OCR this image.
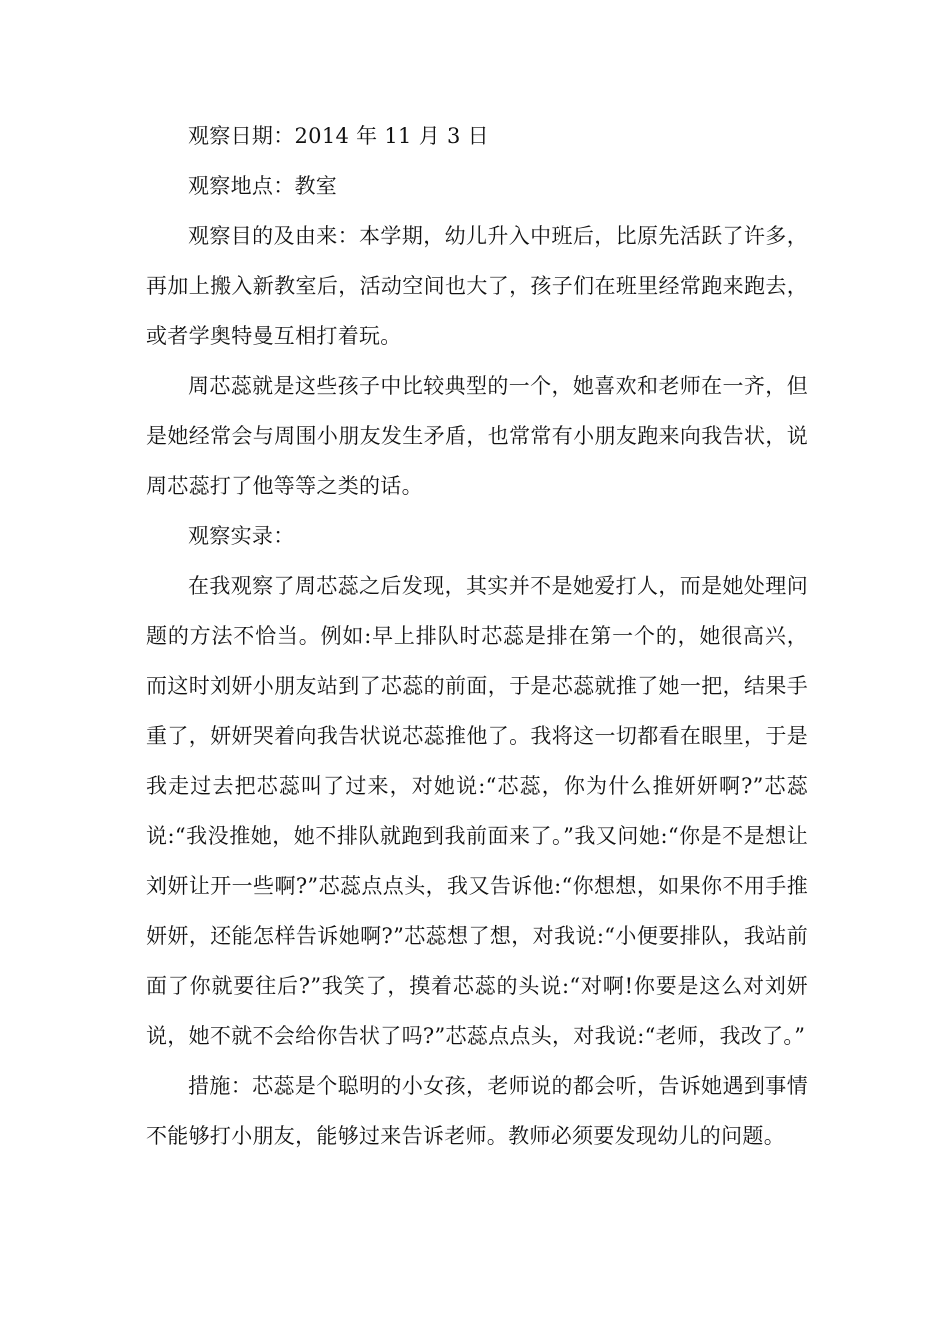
观察日期：2014 年 11 月 3 日

观察地点：教室

观察目的及由来：本学期，幼儿升入中班后，比原先活跃了许多，再加上搬入新教室后，活动空间也大了，孩子们在班里经常跑来跑去，或者学奥特曼互相打着玩。

周芯蕊就是这些孩子中比较典型的一个，她喜欢和老师在一齐，但是她经常会与周围小朋友发生矛盾，也常常有小朋友跑来向我告状，说周芯蕊打了他等等之类的话。

观察实录：

在我观察了周芯蕊之后发现，其实并不是她爱打人，而是她处理问题的方法不恰当。例如:早上排队时芯蕊是排在第一个的，她很高兴，而这时刘妍小朋友站到了芯蕊的前面，于是芯蕊就推了她一把，结果手重了，妍妍哭着向我告状说芯蕊推他了。我将这一切都看在眼里，于是我走过去把芯蕊叫了过来，对她说:“芯蕊，你为什么推妍妍啊?”芯蕊说:“我没推她，她不排队就跑到我前面来了。”我又问她:“你是不是想让刘妍让开一些啊?”芯蕊点点头，我又告诉他:“你想想，如果你不用手推妍妍，还能怎样告诉她啊?”芯蕊想了想，对我说:“小便要排队，我站前面了你就要往后?”我笑了，摸着芯蕊的头说:“对啊!你要是这么对刘妍说，她不就不会给你告状了吗?”芯蕊点点头，对我说:“老师，我改了。”

措施：芯蕊是个聪明的小女孩，老师说的都会听，告诉她遇到事情不能够打小朋友，能够过来告诉老师。教师必须要发现幼儿的问题。
